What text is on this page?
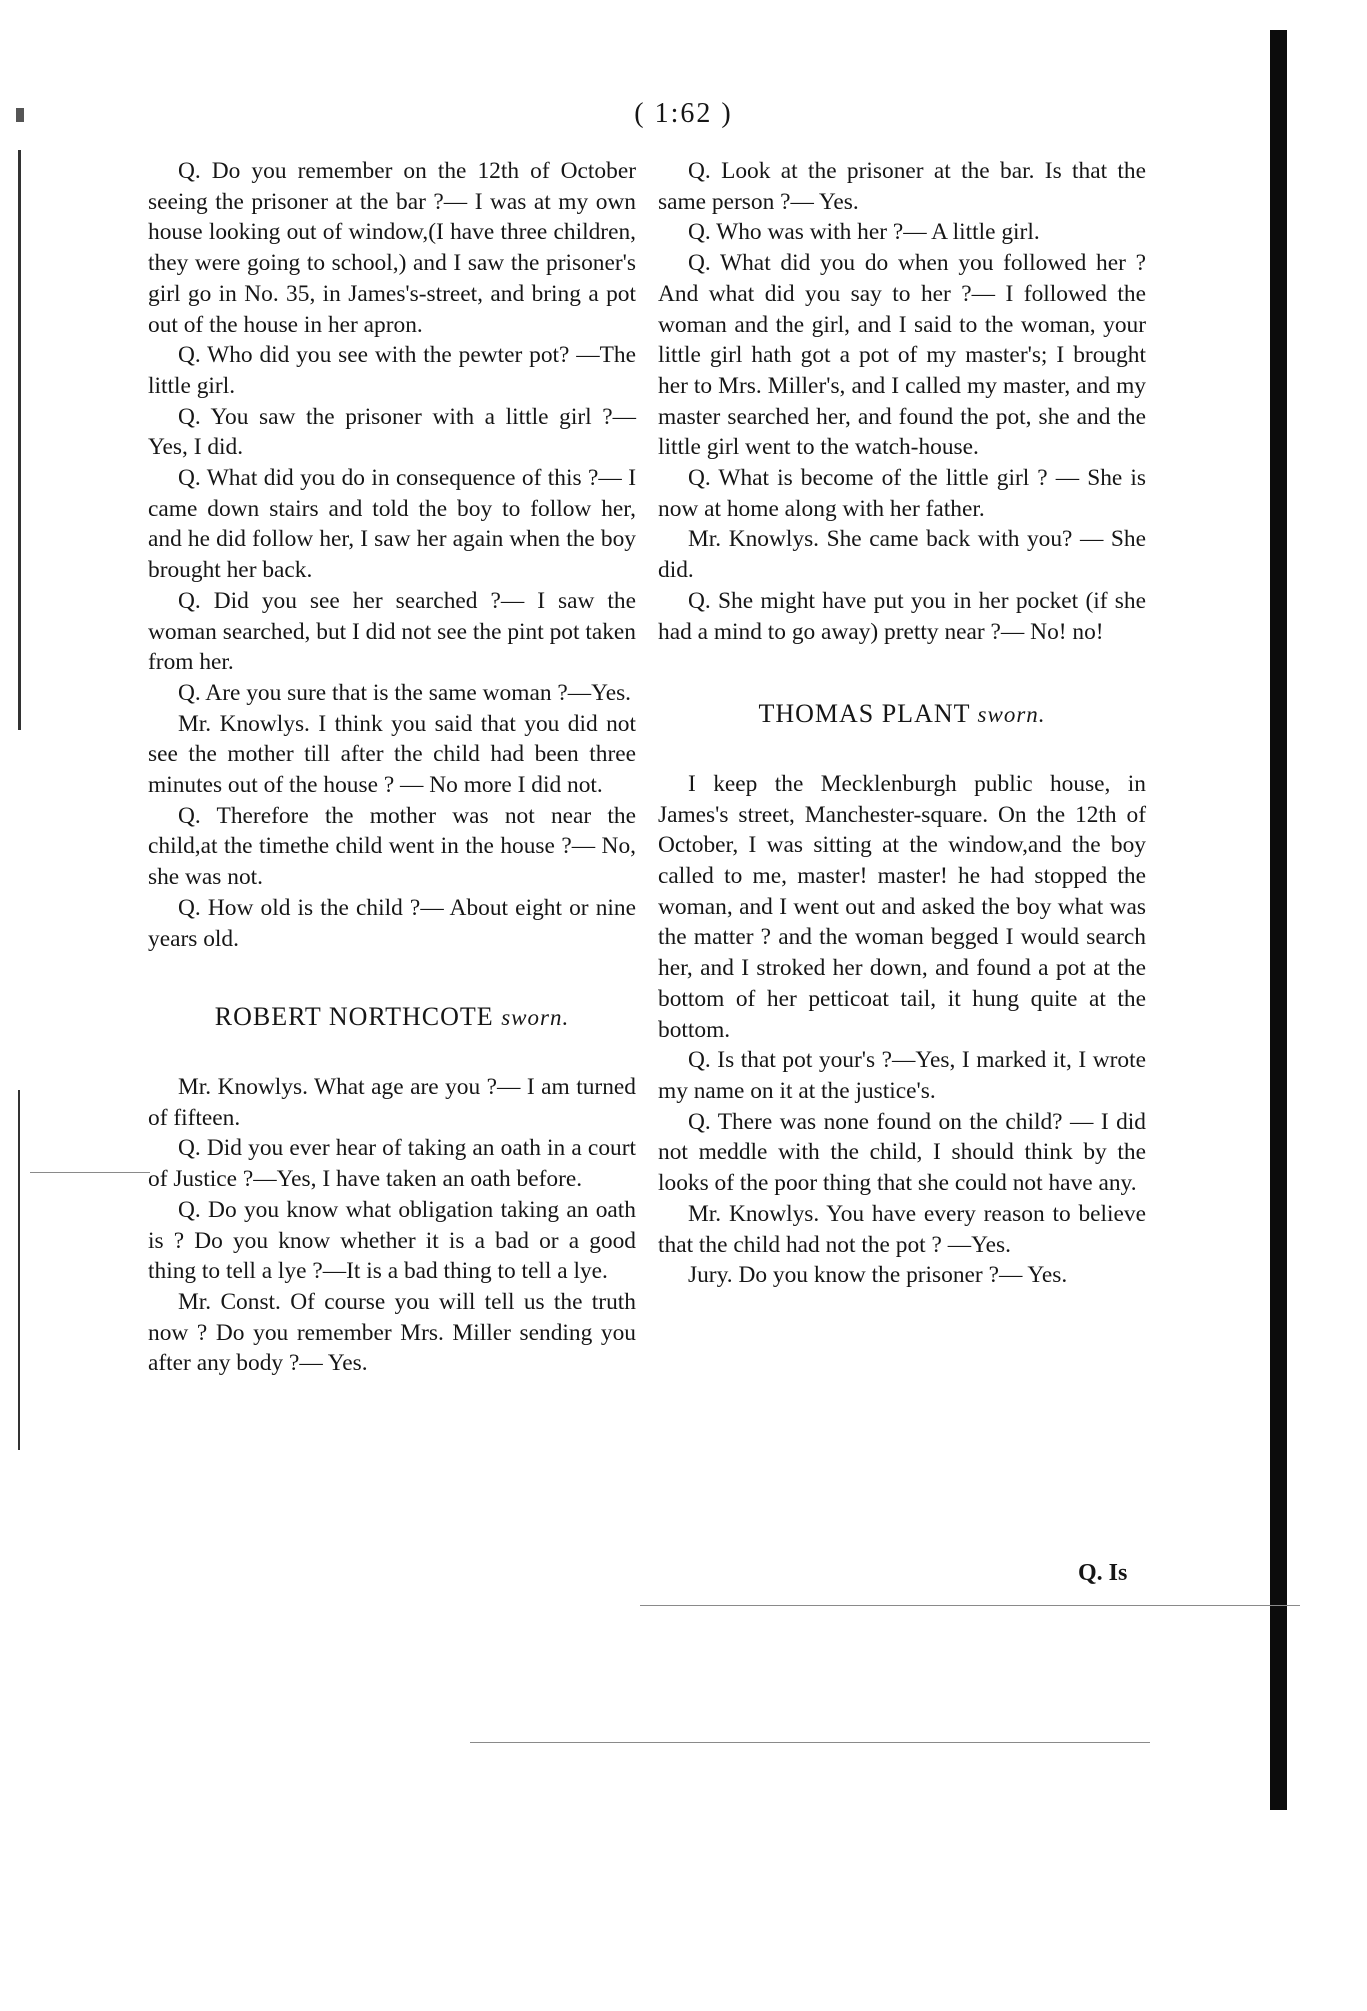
( 1:62 )

Q. Do you remember on the 12th of October seeing the prisoner at the bar ?— I was at my own house looking out of window,(I have three children, they were going to school,) and I saw the prisoner's girl go in No. 35, in James's-street, and bring a pot out of the house in her apron.

Q. Who did you see with the pewter pot? —The little girl.

Q. You saw the prisoner with a little girl ?— Yes, I did.

Q. What did you do in consequence of this ?— I came down stairs and told the boy to follow her, and he did follow her, I saw her again when the boy brought her back.

Q. Did you see her searched ?— I saw the woman searched, but I did not see the pint pot taken from her.

Q. Are you sure that is the same woman ?—Yes.

Mr. Knowlys. I think you said that you did not see the mother till after the child had been three minutes out of the house ? — No more I did not.

Q. Therefore the mother was not near the child,at the timethe child went in the house ?— No, she was not.

Q. How old is the child ?— About eight or nine years old.

ROBERT NORTHCOTE sworn.

Mr. Knowlys. What age are you ?— I am turned of fifteen.

Q. Did you ever hear of taking an oath in a court of Justice ?—Yes, I have taken an oath before.

Q. Do you know what obligation taking an oath is ? Do you know whether it is a bad or a good thing to tell a lye ?—It is a bad thing to tell a lye.

Mr. Const. Of course you will tell us the truth now ? Do you remember Mrs. Miller sending you after any body ?— Yes.

Q. Look at the prisoner at the bar. Is that the same person ?— Yes.

Q. Who was with her ?— A little girl.

Q. What did you do when you followed her ? And what did you say to her ?— I followed the woman and the girl, and I said to the woman, your little girl hath got a pot of my master's; I brought her to Mrs. Miller's, and I called my master, and my master searched her, and found the pot, she and the little girl went to the watch-house.

Q. What is become of the little girl ? — She is now at home along with her father.

Mr. Knowlys. She came back with you? — She did.

Q. She might have put you in her pocket (if she had a mind to go away) pretty near ?— No! no!

THOMAS PLANT sworn.

I keep the Mecklenburgh public house, in James's street, Manchester-square. On the 12th of October, I was sitting at the window,and the boy called to me, master! master! he had stopped the woman, and I went out and asked the boy what was the matter ? and the woman begged I would search her, and I stroked her down, and found a pot at the bottom of her petticoat tail, it hung quite at the bottom.

Q. Is that pot your's ?—Yes, I marked it, I wrote my name on it at the justice's.

Q. There was none found on the child? — I did not meddle with the child, I should think by the looks of the poor thing that she could not have any.

Mr. Knowlys. You have every reason to believe that the child had not the pot ? —Yes.

Jury. Do you know the prisoner ?— Yes.

Q. Is
